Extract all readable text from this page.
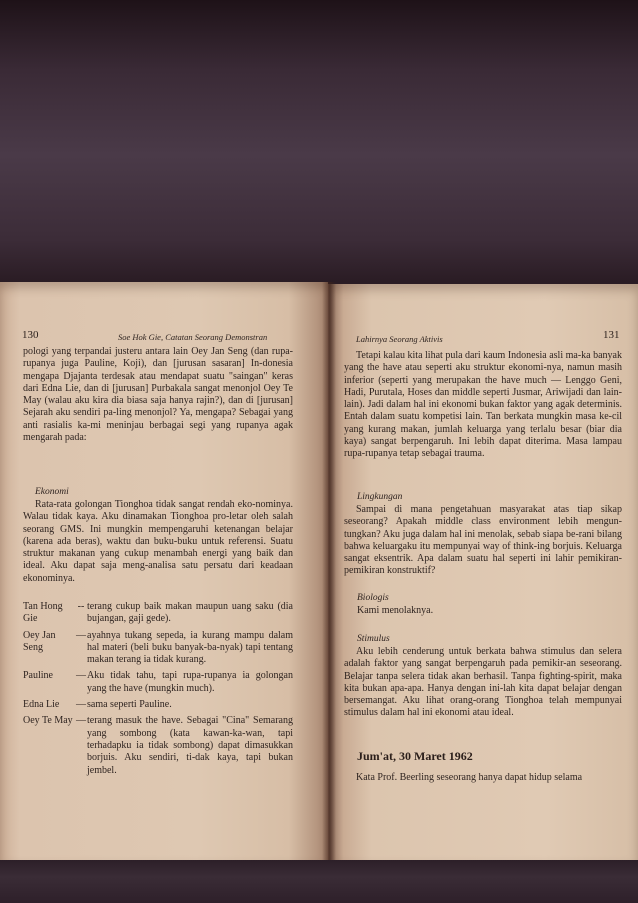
130	Soe Hok Gie, Catatan Seorang Demonstran

pologi yang terpandai justeru antara lain Oey Jan Seng (dan rupa-rupanya juga Pauline, Koji), dan [jurusan sasaran] In-donesia mengapa Djajanta terdesak atau mendapat suatu "saingan" keras dari Edna Lie, dan di [jurusan] Purbakala sangat menonjol Oey Te May (walau aku kira dia biasa saja hanya rajin?), dan di [jurusan] Sejarah aku sendiri pa-ling menonjol? Ya, mengapa? Sebagai yang anti rasialis ka-mi meninjau berbagai segi yang rupanya agak mengarah pada:

Ekonomi

Rata-rata golongan Tionghoa tidak sangat rendah eko-nominya. Walau tidak kaya. Aku dinamakan Tionghoa pro-letar oleh salah seorang GMS. Ini mungkin mempengaruhi ketenangan belajar (karena ada beras), waktu dan buku-buku untuk referensi. Suatu struktur makanan yang cukup menambah energi yang baik dan ideal. Aku dapat saja meng-analisa satu persatu dari keadaan ekonominya.

Tan Hong Gie
-- terang cukup baik makan maupun uang saku (dia bujangan, gaji gede).
Oey Jan Seng
— ayahnya tukang sepeda, ia kurang mampu dalam hal materi (beli buku banyak-ba-nyak) tapi tentang makan terang ia tidak kurang.
Pauline	— Aku tidak tahu, tapi rupa-rupanya ia golongan yang the have (mungkin much).
Edna Lie	— sama seperti Pauline.
Oey Te May — terang masuk the have. Sebagai "Cina" Semarang yang sombong (kata kawan-ka-wan, tapi terhadapku ia tidak sombong) dapat dimasukkan borjuis. Aku sendiri, ti-dak kaya, tapi bukan jembel.
Lahirnya Seorang Aktivis	131

Tetapi kalau kita lihat pula dari kaum Indonesia asli ma-ka banyak yang the have atau seperti aku struktur ekonomi-nya, namun masih inferior (seperti yang merupakan the have much — Lenggo Geni, Hadi, Purutala, Hoses dan middle seperti Jusmar, Ariwijadi dan lain-lain). Jadi dalam hal ini ekonomi bukan faktor yang agak determinis. Entah dalam suatu kompetisi lain. Tan berkata mungkin masa ke-cil yang kurang makan, jumlah keluarga yang terlalu besar (biar dia kaya) sangat berpengaruh. Ini lebih dapat diterima. Masa lampau rupa-rupanya tetap sebagai trauma.

Lingkungan

Sampai di mana pengetahuan masyarakat atas tiap sikap seseorang? Apakah middle class environment lebih mengun-tungkan? Aku juga dalam hal ini menolak, sebab siapa be-rani bilang bahwa keluargaku itu mempunyai way of think-ing borjuis. Keluarga sangat eksentrik. Apa dalam suatu hal seperti ini lahir pemikiran-pemikiran konstruktif?

Biologis
Kami menolaknya.
Stimulus

Aku lebih cenderung untuk berkata bahwa stimulus dan selera adalah faktor yang sangat berpengaruh pada pemikir-an seseorang. Belajar tanpa selera tidak akan berhasil. Tanpa fighting-spirit, maka kita bukan apa-apa. Hanya dengan ini-lah kita dapat belajar dengan bersemangat. Aku lihat orang-orang Tionghoa telah mempunyai stimulus dalam hal ini ekonomi atau ideal.

Jum'at, 30 Maret 1962

Kata Prof. Beerling seseorang hanya dapat hidup selama
